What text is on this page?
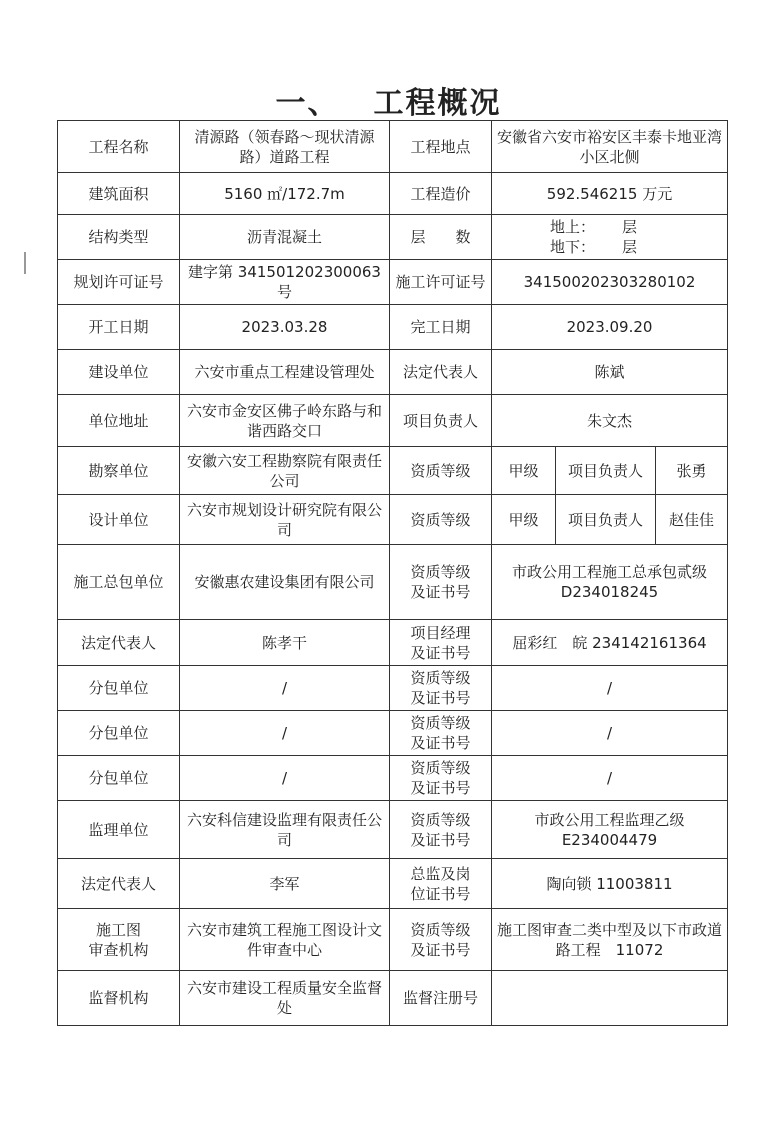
一、 工程概况
工程名称	清源路（领春路～现状清源路）道路工程	工程地点	安徽省六安市裕安区丰泰卡地亚湾小区北侧		
建筑面积	5160 ㎡/172.7m	工程造价	592.546215 万元		
结构类型	沥青混凝土	层　　数	地上： 层
地下： 层		

规划许可证号	建字第 341501202300063 号	施工许可证号	341500202303280102		
开工日期	2023.03.28	完工日期	2023.09.20		
建设单位	六安市重点工程建设管理处	法定代表人	陈斌		
单位地址	六安市金安区佛子岭东路与和谐西路交口	项目负责人	朱文杰		
勘察单位	安徽六安工程勘察院有限责任公司	资质等级	甲级	项目负责人	张勇
设计单位	六安市规划设计研究院有限公司	资质等级	甲级	项目负责人	赵佳佳
施工总包单位	安徽惠农建设集团有限公司	资质等级
及证书号	市政公用工程施工总承包贰级
D234018245		

法定代表人	陈孝干	项目经理
及证书号	屈彩红　皖 234142161364		
分包单位	/	资质等级
及证书号	/		
分包单位	/	资质等级
及证书号	/		
分包单位	/	资质等级
及证书号	/		
监理单位	六安科信建设监理有限责任公司	资质等级
及证书号	市政公用工程监理乙级
E234004479		

法定代表人	李军	总监及岗
位证书号	陶向锁 11003811		

施工图
审查机构	六安市建筑工程施工图设计文件审查中心	资质等级
及证书号	施工图审查二类中型及以下市政道路工程　11072		
监督机构	六安市建设工程质量安全监督处	监督注册号			
